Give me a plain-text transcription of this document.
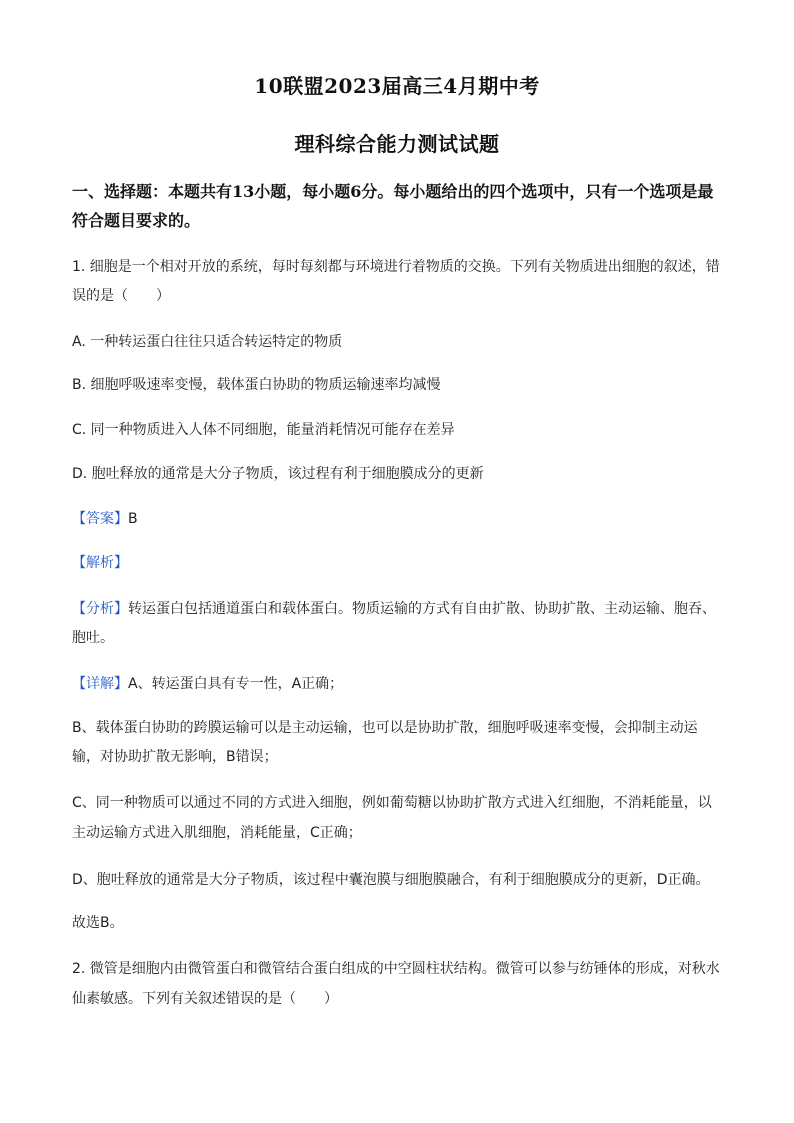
10联盟2023届高三4月期中考
理科综合能力测试试题
一、选择题：本题共有13小题，每小题6分。每小题给出的四个选项中，只有一个选项是最
符合题目要求的。
1. 细胞是一个相对开放的系统，每时每刻都与环境进行着物质的交换。下列有关物质进出细胞的叙述，错
误的是（　　）
A. 一种转运蛋白往往只适合转运特定的物质
B. 细胞呼吸速率变慢，载体蛋白协助的物质运输速率均减慢
C. 同一种物质进入人体不同细胞，能量消耗情况可能存在差异
D. 胞吐释放的通常是大分子物质，该过程有利于细胞膜成分的更新
【答案】B
【解析】
【分析】转运蛋白包括通道蛋白和载体蛋白。物质运输的方式有自由扩散、协助扩散、主动运输、胞吞、
胞吐。
【详解】A、转运蛋白具有专一性，A正确；
B、载体蛋白协助的跨膜运输可以是主动运输，也可以是协助扩散，细胞呼吸速率变慢，会抑制主动运
输，对协助扩散无影响，B错误；
C、同一种物质可以通过不同的方式进入细胞，例如葡萄糖以协助扩散方式进入红细胞，不消耗能量，以
主动运输方式进入肌细胞，消耗能量，C正确；
D、胞吐释放的通常是大分子物质，该过程中囊泡膜与细胞膜融合，有利于细胞膜成分的更新，D正确。
故选B。
2. 微管是细胞内由微管蛋白和微管结合蛋白组成的中空圆柱状结构。微管可以参与纺锤体的形成，对秋水
仙素敏感。下列有关叙述错误的是（　　）
